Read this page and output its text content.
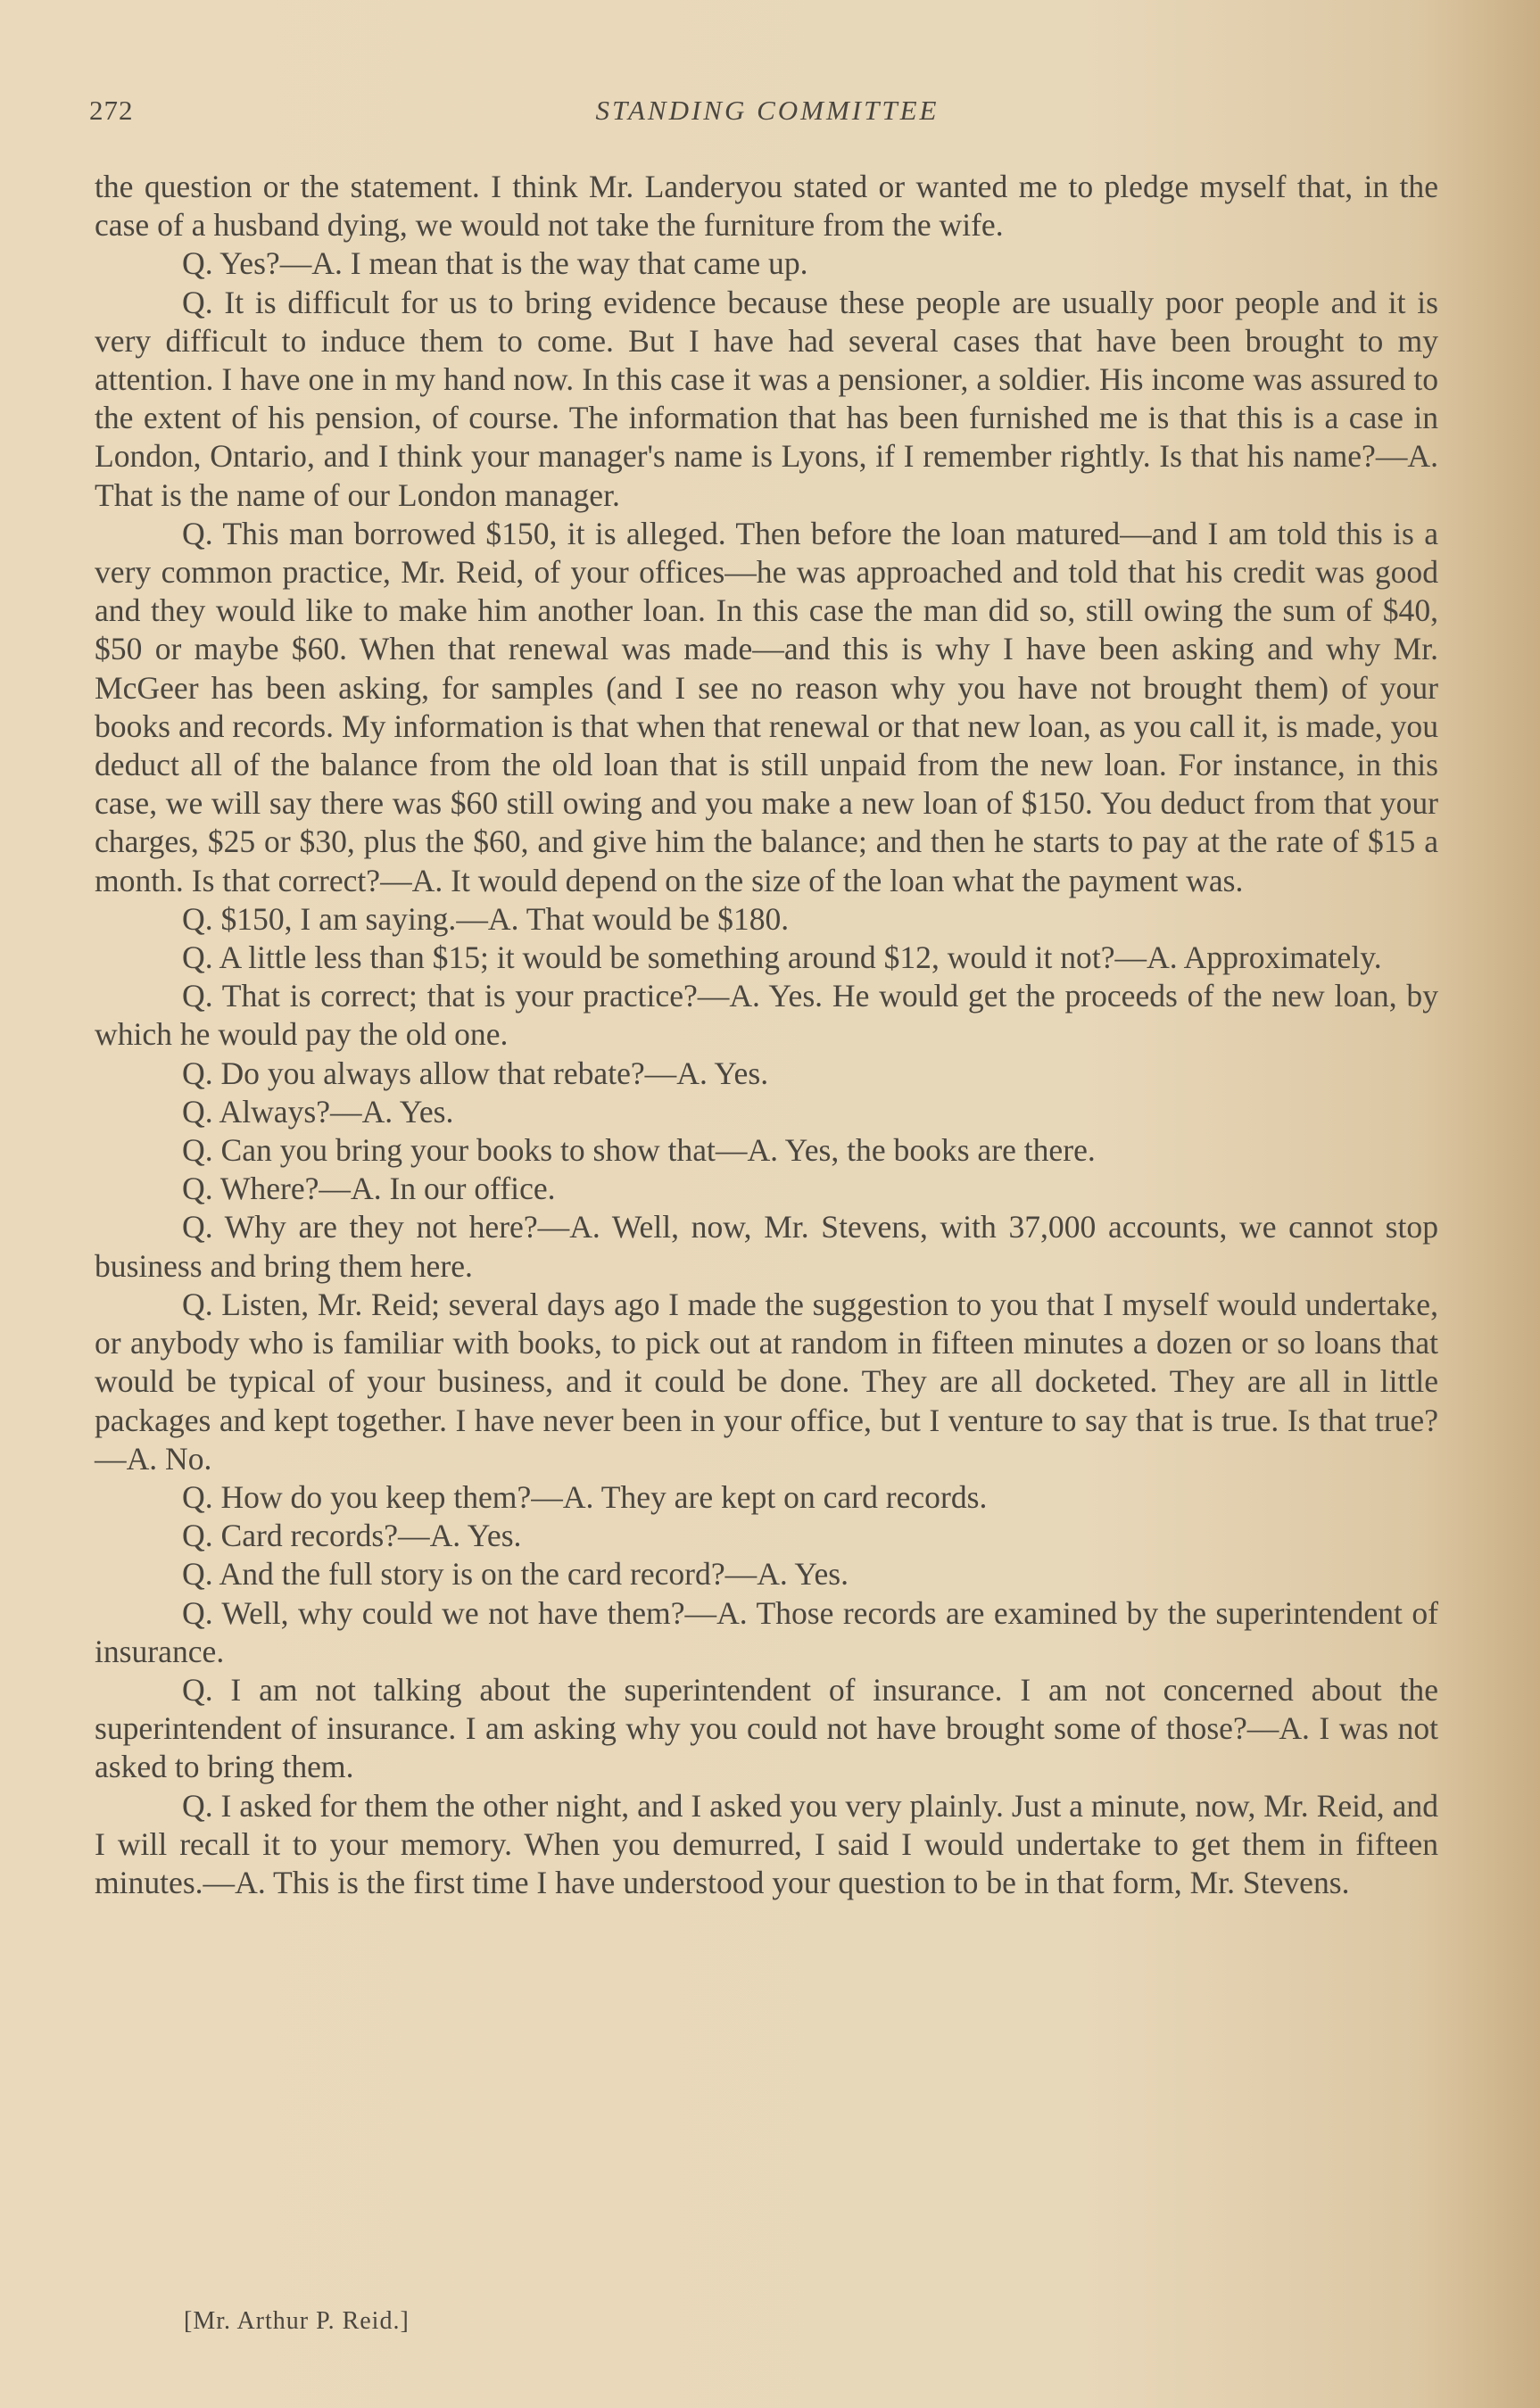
272	STANDING COMMITTEE

the question or the statement. I think Mr. Landeryou stated or wanted me to pledge myself that, in the case of a husband dying, we would not take the furniture from the wife.

Q. Yes?—A. I mean that is the way that came up.

Q. It is difficult for us to bring evidence because these people are usually poor people and it is very difficult to induce them to come. But I have had several cases that have been brought to my attention. I have one in my hand now. In this case it was a pensioner, a soldier. His income was assured to the extent of his pension, of course. The information that has been furnished me is that this is a case in London, Ontario, and I think your manager's name is Lyons, if I remember rightly. Is that his name?—A. That is the name of our London manager.

Q. This man borrowed $150, it is alleged. Then before the loan matured—and I am told this is a very common practice, Mr. Reid, of your offices—he was approached and told that his credit was good and they would like to make him another loan. In this case the man did so, still owing the sum of $40, $50 or maybe $60. When that renewal was made—and this is why I have been asking and why Mr. McGeer has been asking, for samples (and I see no reason why you have not brought them) of your books and records. My information is that when that renewal or that new loan, as you call it, is made, you deduct all of the balance from the old loan that is still unpaid from the new loan. For instance, in this case, we will say there was $60 still owing and you make a new loan of $150. You deduct from that your charges, $25 or $30, plus the $60, and give him the balance; and then he starts to pay at the rate of $15 a month. Is that correct?—A. It would depend on the size of the loan what the payment was.

Q. $150, I am saying.—A. That would be $180.

Q. A little less than $15; it would be something around $12, would it not?—A. Approximately.

Q. That is correct; that is your practice?—A. Yes. He would get the proceeds of the new loan, by which he would pay the old one.

Q. Do you always allow that rebate?—A. Yes.

Q. Always?—A. Yes.

Q. Can you bring your books to show that—A. Yes, the books are there.

Q. Where?—A. In our office.

Q. Why are they not here?—A. Well, now, Mr. Stevens, with 37,000 accounts, we cannot stop business and bring them here.

Q. Listen, Mr. Reid; several days ago I made the suggestion to you that I myself would undertake, or anybody who is familiar with books, to pick out at random in fifteen minutes a dozen or so loans that would be typical of your business, and it could be done. They are all docketed. They are all in little packages and kept together. I have never been in your office, but I venture to say that is true. Is that true?—A. No.

Q. How do you keep them?—A. They are kept on card records.

Q. Card records?—A. Yes.

Q. And the full story is on the card record?—A. Yes.

Q. Well, why could we not have them?—A. Those records are examined by the superintendent of insurance.

Q. I am not talking about the superintendent of insurance. I am not concerned about the superintendent of insurance. I am asking why you could not have brought some of those?—A. I was not asked to bring them.

Q. I asked for them the other night, and I asked you very plainly. Just a minute, now, Mr. Reid, and I will recall it to your memory. When you demurred, I said I would undertake to get them in fifteen minutes.—A. This is the first time I have understood your question to be in that form, Mr. Stevens.

[Mr. Arthur P. Reid.]
